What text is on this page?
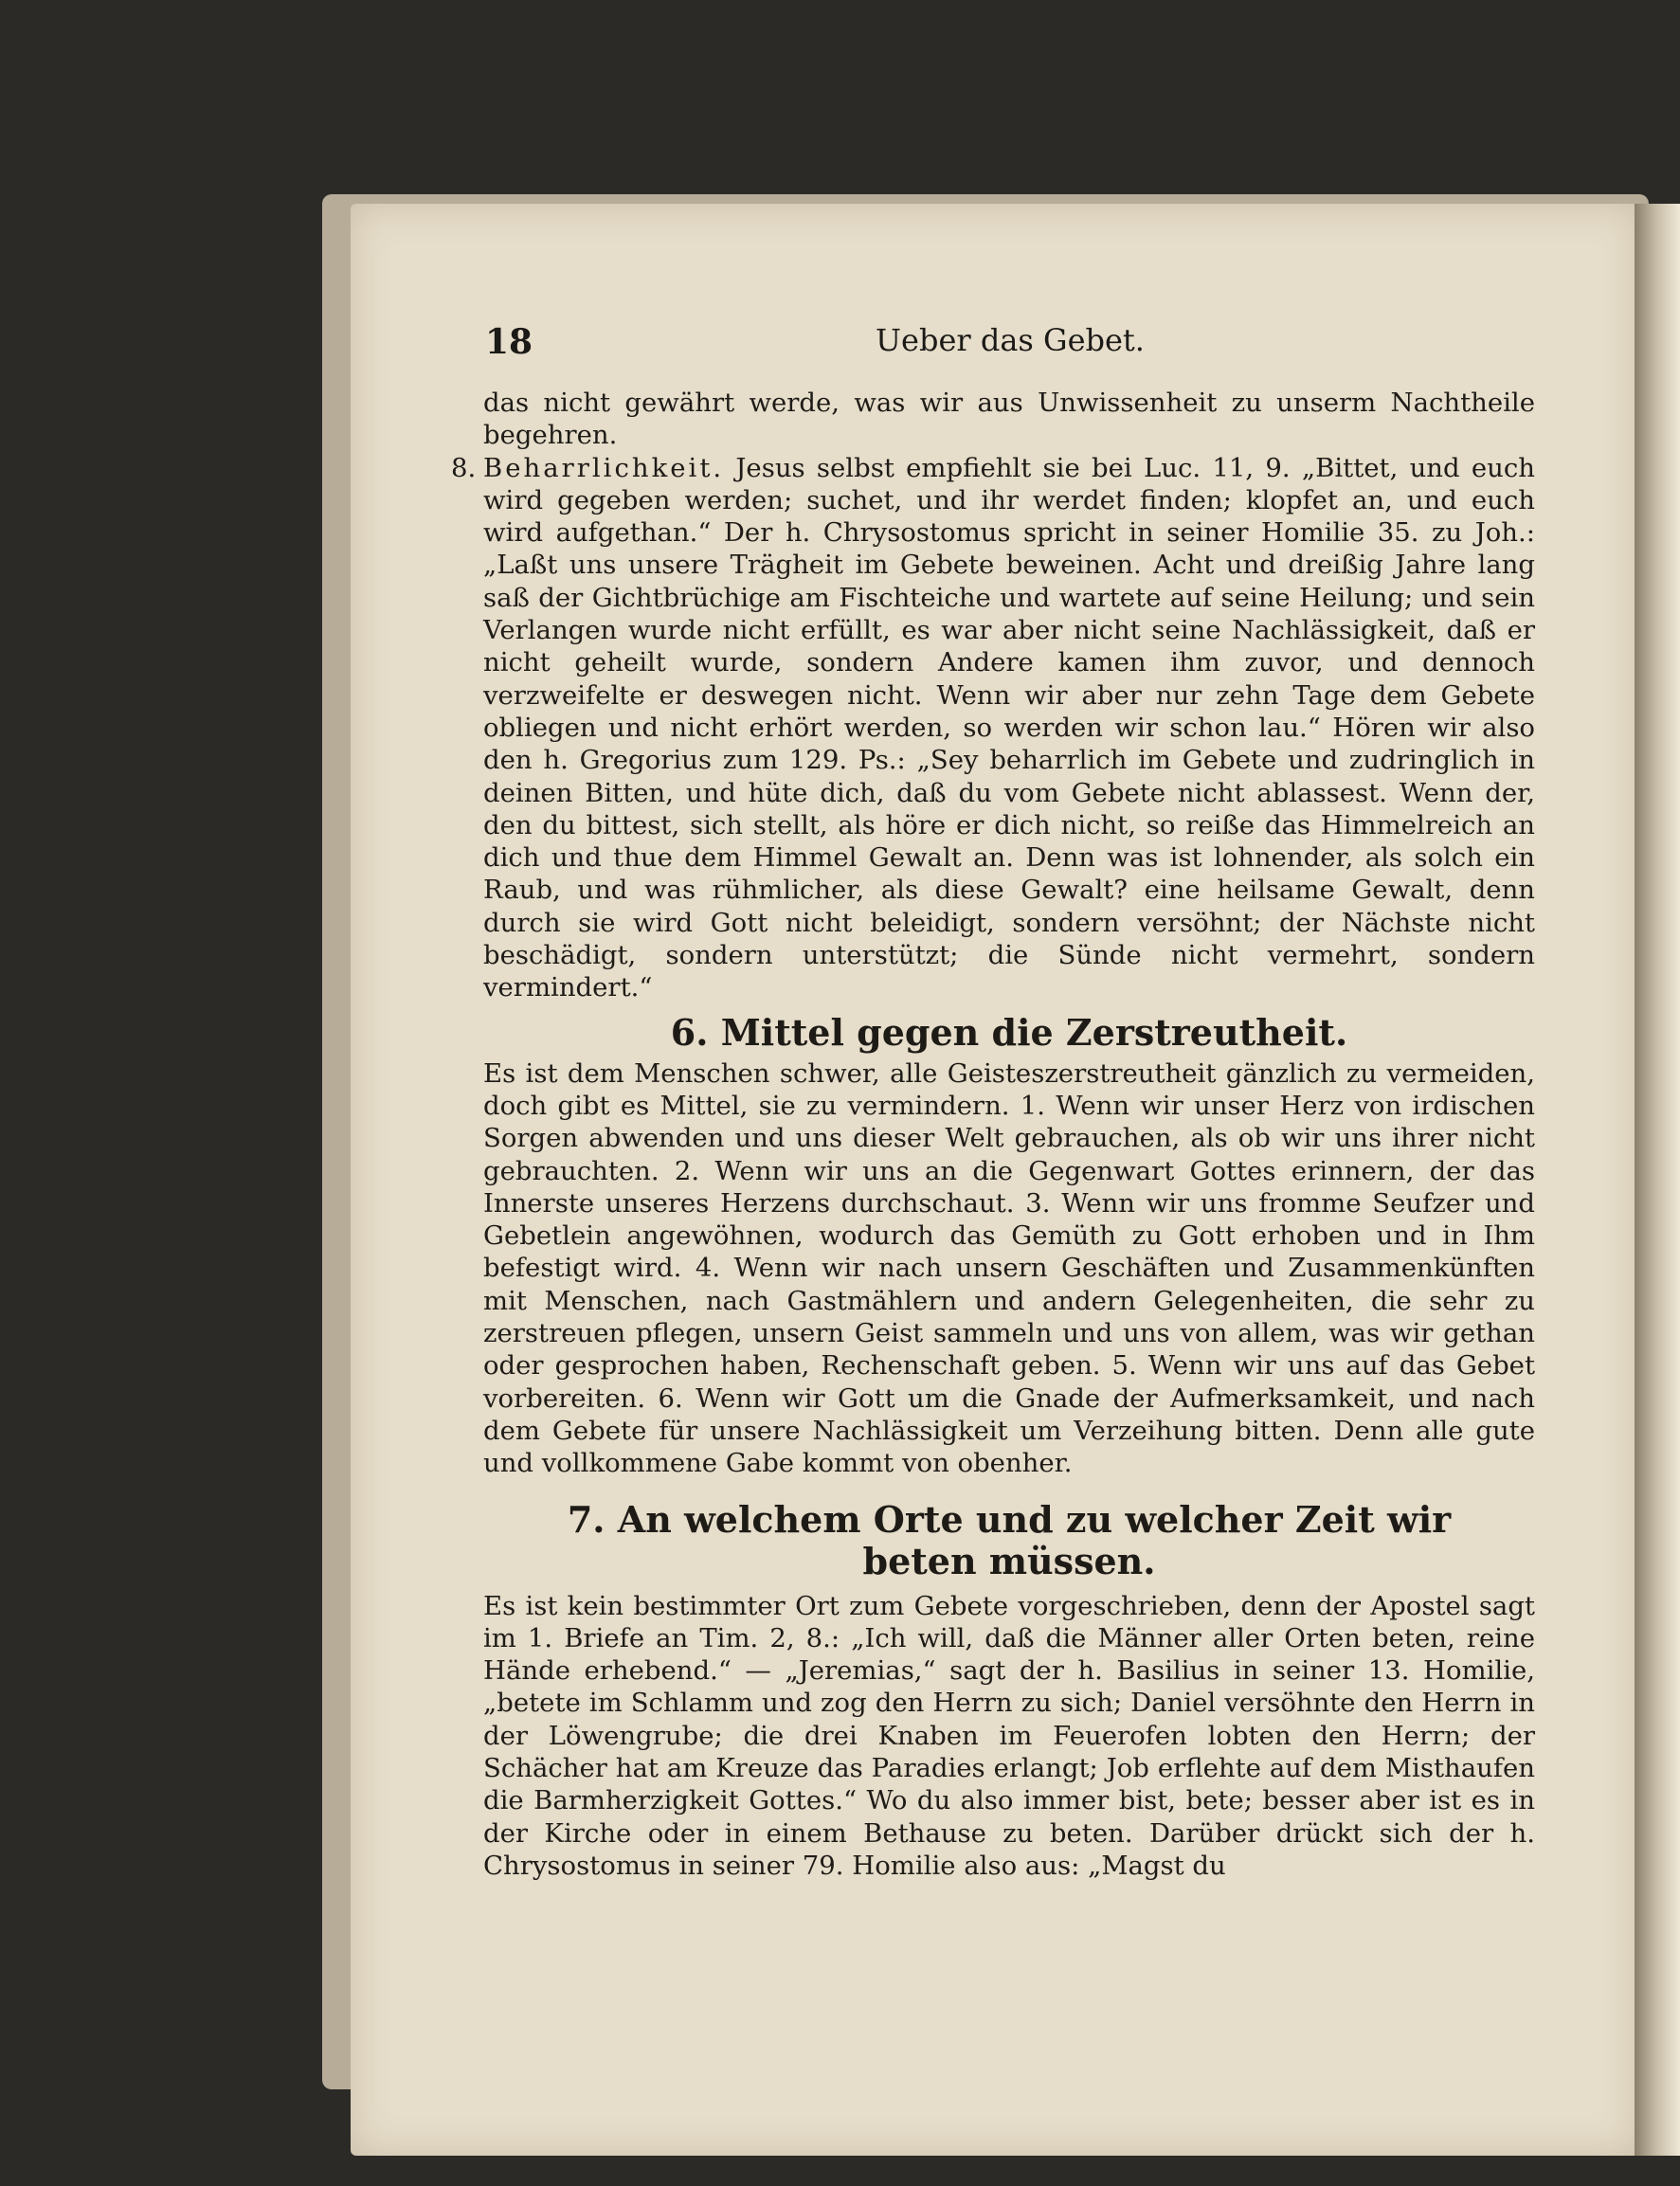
18	Ueber das Gebet.

das nicht gewährt werde, was wir aus Unwissenheit zu unserm Nachtheile begehren.

8. Beharrlichkeit. Jesus selbst empfiehlt sie bei Luc. 11, 9. „Bittet, und euch wird gegeben werden; suchet, und ihr werdet finden; klopfet an, und euch wird aufgethan.“ Der h. Chrysostomus spricht in seiner Homilie 35. zu Joh.: „Laßt uns unsere Trägheit im Gebete beweinen. Acht und dreißig Jahre lang saß der Gichtbrüchige am Fischteiche und wartete auf seine Heilung; und sein Verlangen wurde nicht erfüllt, es war aber nicht seine Nachlässigkeit, daß er nicht geheilt wurde, sondern Andere kamen ihm zuvor, und dennoch verzweifelte er deswegen nicht. Wenn wir aber nur zehn Tage dem Gebete obliegen und nicht erhört werden, so werden wir schon lau.“ Hören wir also den h. Gregorius zum 129. Ps.: „Sey beharrlich im Gebete und zudringlich in deinen Bitten, und hüte dich, daß du vom Gebete nicht ablassest. Wenn der, den du bittest, sich stellt, als höre er dich nicht, so reiße das Himmelreich an dich und thue dem Himmel Gewalt an. Denn was ist lohnender, als solch ein Raub, und was rühmlicher, als diese Gewalt? eine heilsame Gewalt, denn durch sie wird Gott nicht beleidigt, sondern versöhnt; der Nächste nicht beschädigt, sondern unterstützt; die Sünde nicht vermehrt, sondern vermindert.“

6. Mittel gegen die Zerstreutheit.

Es ist dem Menschen schwer, alle Geisteszerstreutheit gänzlich zu vermeiden, doch gibt es Mittel, sie zu vermindern. 1. Wenn wir unser Herz von irdischen Sorgen abwenden und uns dieser Welt gebrauchen, als ob wir uns ihrer nicht gebrauchten. 2. Wenn wir uns an die Gegenwart Gottes erinnern, der das Innerste unseres Herzens durchschaut. 3. Wenn wir uns fromme Seufzer und Gebetlein angewöhnen, wodurch das Gemüth zu Gott erhoben und in Ihm befestigt wird. 4. Wenn wir nach unsern Geschäften und Zusammenkünften mit Menschen, nach Gastmählern und andern Gelegenheiten, die sehr zu zerstreuen pflegen, unsern Geist sammeln und uns von allem, was wir gethan oder gesprochen haben, Rechenschaft geben. 5. Wenn wir uns auf das Gebet vorbereiten. 6. Wenn wir Gott um die Gnade der Aufmerksamkeit, und nach dem Gebete für unsere Nachlässigkeit um Verzeihung bitten. Denn alle gute und vollkommene Gabe kommt von obenher.

7. An welchem Orte und zu welcher Zeit wir
beten müssen.

Es ist kein bestimmter Ort zum Gebete vorgeschrieben, denn der Apostel sagt im 1. Briefe an Tim. 2, 8.: „Ich will, daß die Männer aller Orten beten, reine Hände erhebend.“ — „Jeremias,“ sagt der h. Basilius in seiner 13. Homilie, „betete im Schlamm und zog den Herrn zu sich; Daniel versöhnte den Herrn in der Löwengrube; die drei Knaben im Feuerofen lobten den Herrn; der Schächer hat am Kreuze das Paradies erlangt; Job erflehte auf dem Misthaufen die Barmherzigkeit Gottes.“ Wo du also immer bist, bete; besser aber ist es in der Kirche oder in einem Bethause zu beten. Darüber drückt sich der h. Chrysostomus in seiner 79. Homilie also aus: „Magst du
